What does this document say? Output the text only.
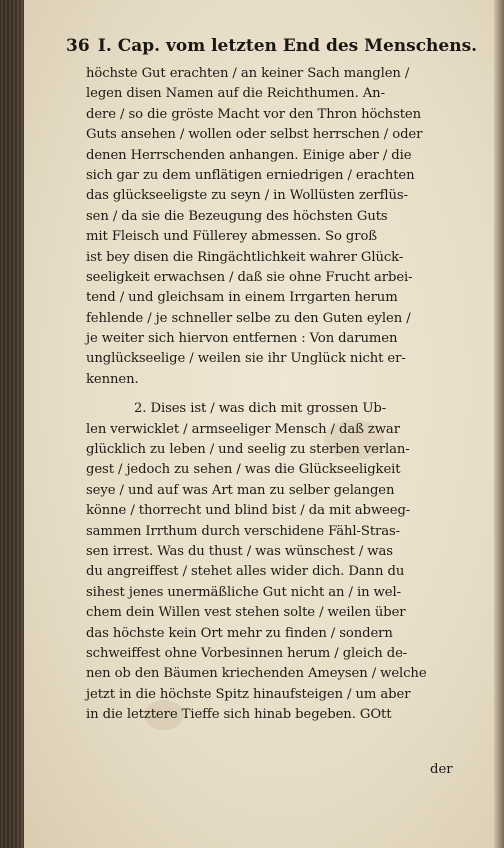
36 I. Cap. vom letzten End des Menschens.
höchste Gut erachten / an keiner Sach manglen /
legen disen Namen auf die Reichthumen. An-
dere / so die gröste Macht vor den Thron höchsten
Guts ansehen / wollen oder selbst herrschen / oder
denen Herrschenden anhangen. Einige aber / die
sich gar zu dem unflätigen erniedrigen / erachten
das glückseeligste zu seyn / in Wollüsten zerflüs-
sen / da sie die Bezeugung des höchsten Guts
mit Fleisch und Füllerey abmessen. So groß
ist bey disen die Ringächtlichkeit wahrer Glück-
seeligkeit erwachsen / daß sie ohne Frucht arbei-
tend / und gleichsam in einem Irrgarten herum
fehlende / je schneller selbe zu den Guten eylen /
je weiter sich hiervon entfernen : Von darumen
unglückseelige / weilen sie ihr Unglück nicht er-
kennen.
2. Dises ist / was dich mit grossen Ub-
len verwicklet / armseeliger Mensch / daß zwar
glücklich zu leben / und seelig zu sterben verlan-
gest / jedoch zu sehen / was die Glückseeligkeit
seye / und auf was Art man zu selber gelangen
könne / thorrecht und blind bist / da mit abweeg-
sammen Irrthum durch verschidene Fähl-Stras-
sen irrest. Was du thust / was wünschest / was
du angreiffest / stehet alles wider dich. Dann du
sihest jenes unermäßliche Gut nicht an / in wel-
chem dein Willen vest stehen solte / weilen über
das höchste kein Ort mehr zu finden / sondern
schweiffest ohne Vorbesinnen herum / gleich de-
nen ob den Bäumen kriechenden Ameysen / welche
jetzt in die höchste Spitz hinaufsteigen / um aber
in die letztere Tieffe sich hinab begeben. GOtt
der
